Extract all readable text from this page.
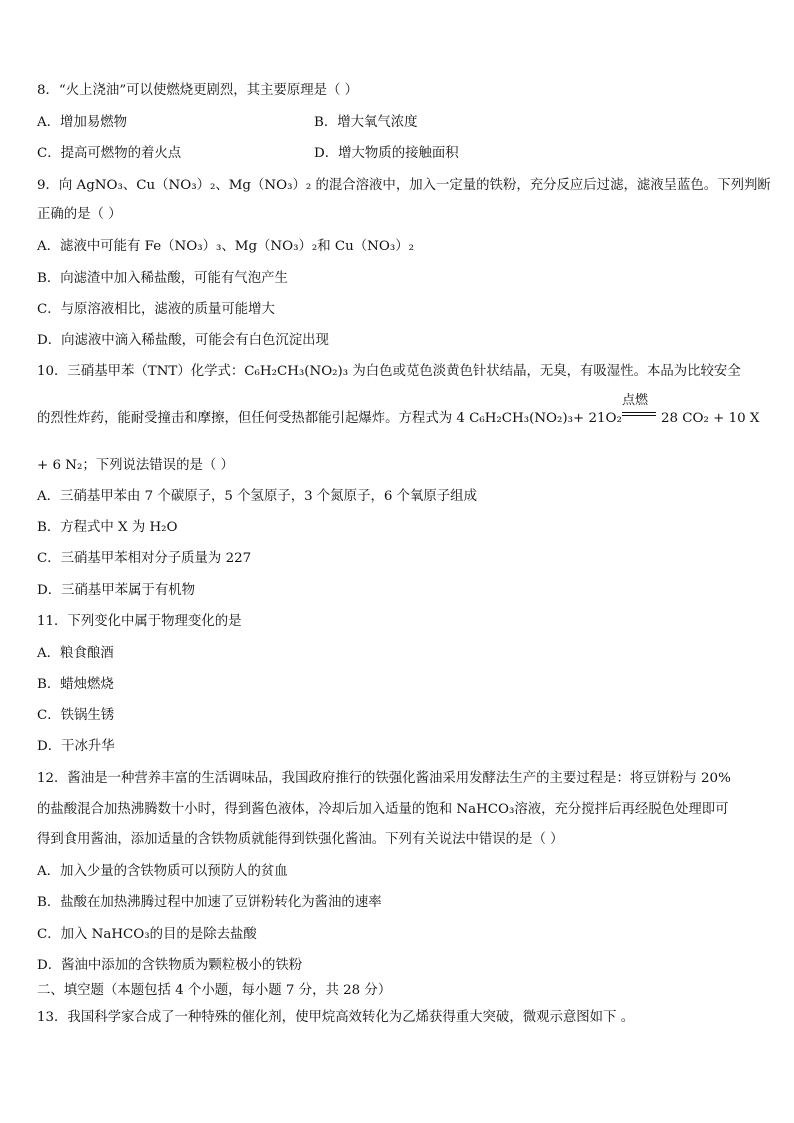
8．“火上浇油”可以使燃烧更剧烈，其主要原理是（ ）
A．增加易燃物	B．增大氧气浓度
C．提高可燃物的着火点	D．增大物质的接触面积
9．向 AgNO₃、Cu（NO₃）₂、Mg（NO₃）₂ 的混合溶液中，加入一定量的铁粉，充分反应后过滤，滤液呈蓝色。下列判断
正确的是（ ）
A．滤液中可能有 Fe（NO₃）₃、Mg（NO₃）₂和 Cu（NO₃）₂
B．向滤渣中加入稀盐酸，可能有气泡产生
C．与原溶液相比，滤液的质量可能增大
D．向滤液中滴入稀盐酸，可能会有白色沉淀出现
10．三硝基甲苯（TNT）化学式：C₆H₂CH₃(NO₂)₃ 为白色或苋色淡黄色针状结晶，无臭，有吸湿性。本品为比较安全
的烈性炸药，能耐受撞击和摩擦，但任何受热都能引起爆炸。方程式为 4 C₆H₂CH₃(NO₂)₃+ 21O₂
点燃
28 CO₂ + 10 X
+ 6 N₂；下列说法错误的是（ ）
A．三硝基甲苯由 7 个碳原子，5 个氢原子，3 个氮原子，6 个氧原子组成
B．方程式中 X 为 H₂O
C．三硝基甲苯相对分子质量为 227
D．三硝基甲苯属于有机物
11．下列变化中属于物理变化的是
A．粮食酿酒
B．蜡烛燃烧
C．铁锅生锈
D．干冰升华
12．酱油是一种营养丰富的生活调味品，我国政府推行的铁强化酱油采用发酵法生产的主要过程是：将豆饼粉与 20%
的盐酸混合加热沸腾数十小时，得到酱色液体，冷却后加入适量的饱和 NaHCO₃溶液，充分搅拌后再经脱色处理即可
得到食用酱油，添加适量的含铁物质就能得到铁强化酱油。下列有关说法中错误的是（ ）
A．加入少量的含铁物质可以预防人的贫血
B．盐酸在加热沸腾过程中加速了豆饼粉转化为酱油的速率
C．加入 NaHCO₃的目的是除去盐酸
D．酱油中添加的含铁物质为颗粒极小的铁粉
二、填空题（本题包括 4 个小题，每小题 7 分，共 28 分）
13．我国科学家合成了一种特殊的催化剂，使甲烷高效转化为乙烯获得重大突破，微观示意图如下 。
